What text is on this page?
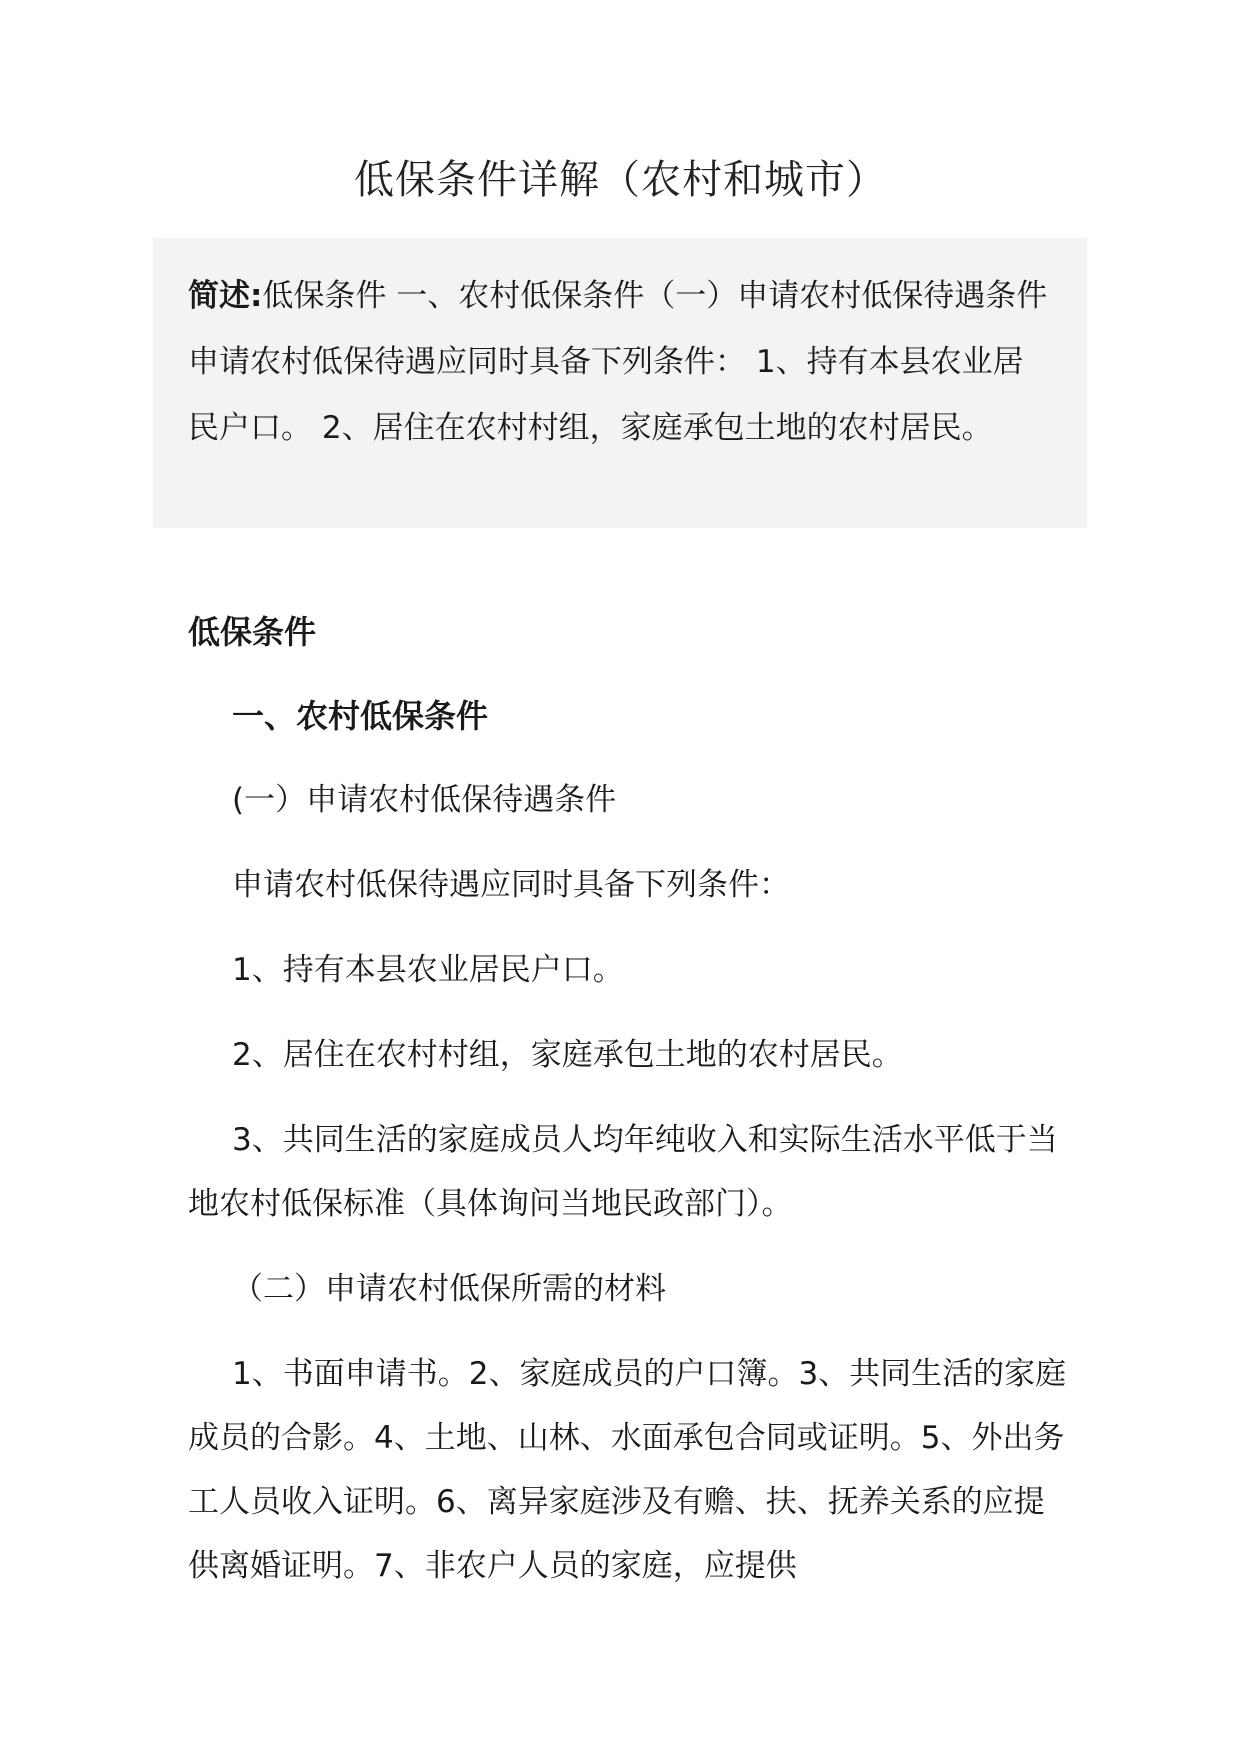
低保条件详解（农村和城市）
简述:低保条件 一、农村低保条件（一）申请农村低保待遇条件申请农村低保待遇应同时具备下列条件： 1、持有本县农业居民户口。 2、居住在农村村组，家庭承包土地的农村居民。

低保条件

一、农村低保条件

(一）申请农村低保待遇条件

申请农村低保待遇应同时具备下列条件：

1、持有本县农业居民户口。

2、居住在农村村组，家庭承包土地的农村居民。

3、共同生活的家庭成员人均年纯收入和实际生活水平低于当地农村低保标准（具体询问当地民政部门）。

（二）申请农村低保所需的材料

1、书面申请书。2、家庭成员的户口簿。3、共同生活的家庭成员的合影。4、土地、山林、水面承包合同或证明。5、外出务工人员收入证明。6、离异家庭涉及有赡、扶、抚养关系的应提供离婚证明。7、非农户人员的家庭，应提供
